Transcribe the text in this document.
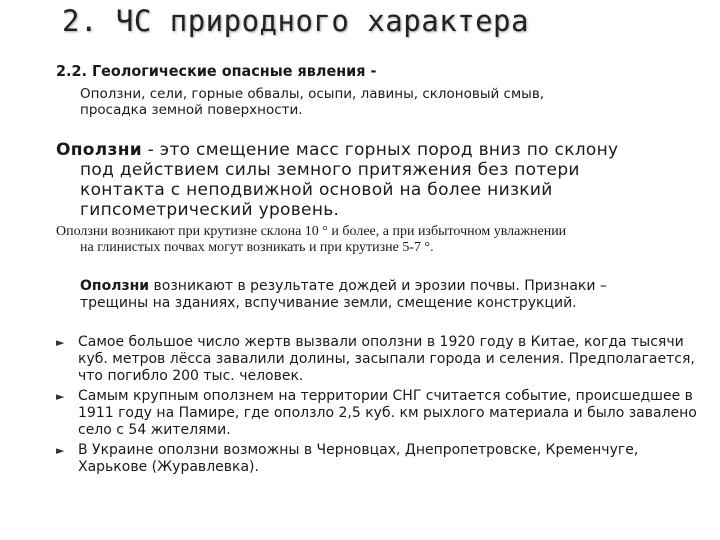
2. ЧС природного характера
2.2. Геологические опасные явления -
Оползни, сели, горные обвалы, осыпи, лавины, склоновый смыв,
просадка земной поверхности.
Оползни - это смещение масс горных пород вниз по склону
под действием силы земного притяжения без потери
контакта с неподвижной основой на более низкий
гипсометрический уровень.
Оползни возникают при крутизне склона 10 ° и более, а при избыточном увлажнении
на глинистых почвах могут возникать и при крутизне 5-7 °.
Оползни возникают в результате дождей и эрозии почвы. Признаки –
трещины на зданиях, вспучивание земли, смещение конструкций.
► Самое большое число жертв вызвали оползни в 1920 году в Китае, когда тысячи куб. метров лёсса завалили долины, засыпали города и селения. Предполагается, что погибло 200 тыс. человек.
► Самым крупным оползнем на территории СНГ считается событие, происшедшее в 1911 году на Памире, где оползло 2,5 куб. км рыхлого материала и было завалено село с 54 жителями.
► В Украине оползни возможны в Черновцах, Днепропетровске, Кременчуге, Харькове (Журавлевка).
